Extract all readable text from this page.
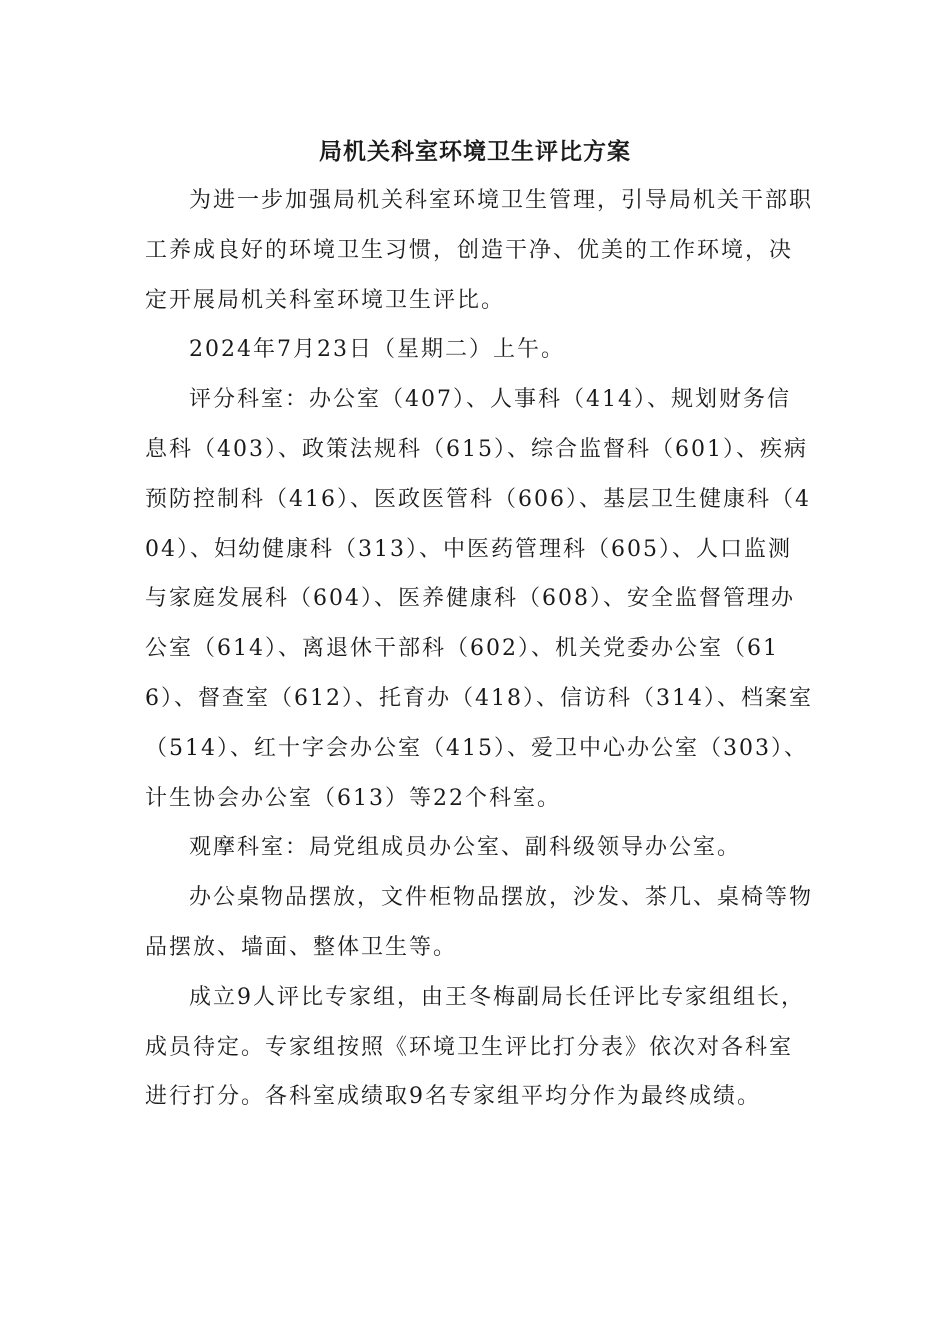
局机关科室环境卫生评比方案

为进一步加强局机关科室环境卫生管理，引导局机关干部职工养成良好的环境卫生习惯，创造干净、优美的工作环境，决定开展局机关科室环境卫生评比。

2024年7月23日（星期二）上午。

评分科室：办公室（407）、人事科（414）、规划财务信息科（403）、政策法规科（615）、综合监督科（601）、疾病预防控制科（416）、医政医管科（606）、基层卫生健康科（404）、妇幼健康科（313）、中医药管理科（605）、人口监测与家庭发展科（604）、医养健康科（608）、安全监督管理办公室（614）、离退休干部科（602）、机关党委办公室（616）、督查室（612）、托育办（418）、信访科（314）、档案室（514）、红十字会办公室（415）、爱卫中心办公室（303）、计生协会办公室（613）等22个科室。

观摩科室：局党组成员办公室、副科级领导办公室。

办公桌物品摆放，文件柜物品摆放，沙发、茶几、桌椅等物品摆放、墙面、整体卫生等。

成立9人评比专家组，由王冬梅副局长任评比专家组组长，成员待定。专家组按照《环境卫生评比打分表》依次对各科室进行打分。各科室成绩取9名专家组平均分作为最终成绩。
